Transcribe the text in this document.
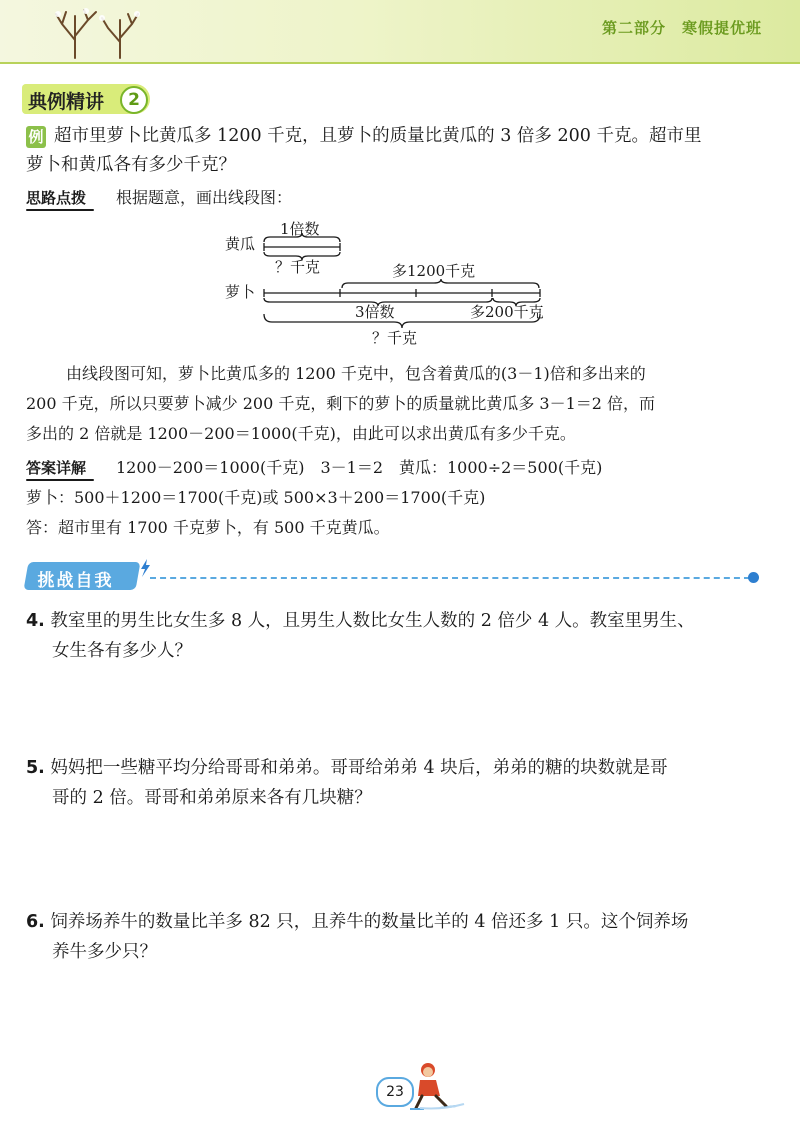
第二部分　寒假提优班
典例精讲	2
例 超市里萝卜比黄瓜多 1200 千克，且萝卜的质量比黄瓜的 3 倍多 200 千克。超市里
萝卜和黄瓜各有多少千克？
思路点拨 根据题意，画出线段图：
黄瓜
萝卜
1倍数
？千克	多1200千克
3倍数	多200千克
？千克
由线段图可知，萝卜比黄瓜多的 1200 千克中，包含着黄瓜的(3－1)倍和多出来的
200 千克，所以只要萝卜减少 200 千克，剩下的萝卜的质量就比黄瓜多 3－1＝2 倍，而
多出的 2 倍就是 1200－200＝1000(千克)，由此可以求出黄瓜有多少千克。
答案详解 1200－200＝1000(千克)　3－1＝2　黄瓜：1000÷2＝500(千克)
萝卜：500＋1200＝1700(千克)或 500×3＋200＝1700(千克)
答：超市里有 1700 千克萝卜，有 500 千克黄瓜。
挑战自我
4. 教室里的男生比女生多 8 人，且男生人数比女生人数的 2 倍少 4 人。教室里男生、
女生各有多少人？
5. 妈妈把一些糖平均分给哥哥和弟弟。哥哥给弟弟 4 块后，弟弟的糖的块数就是哥
哥的 2 倍。哥哥和弟弟原来各有几块糖？
6. 饲养场养牛的数量比羊多 82 只，且养牛的数量比羊的 4 倍还多 1 只。这个饲养场
养牛多少只？
23
